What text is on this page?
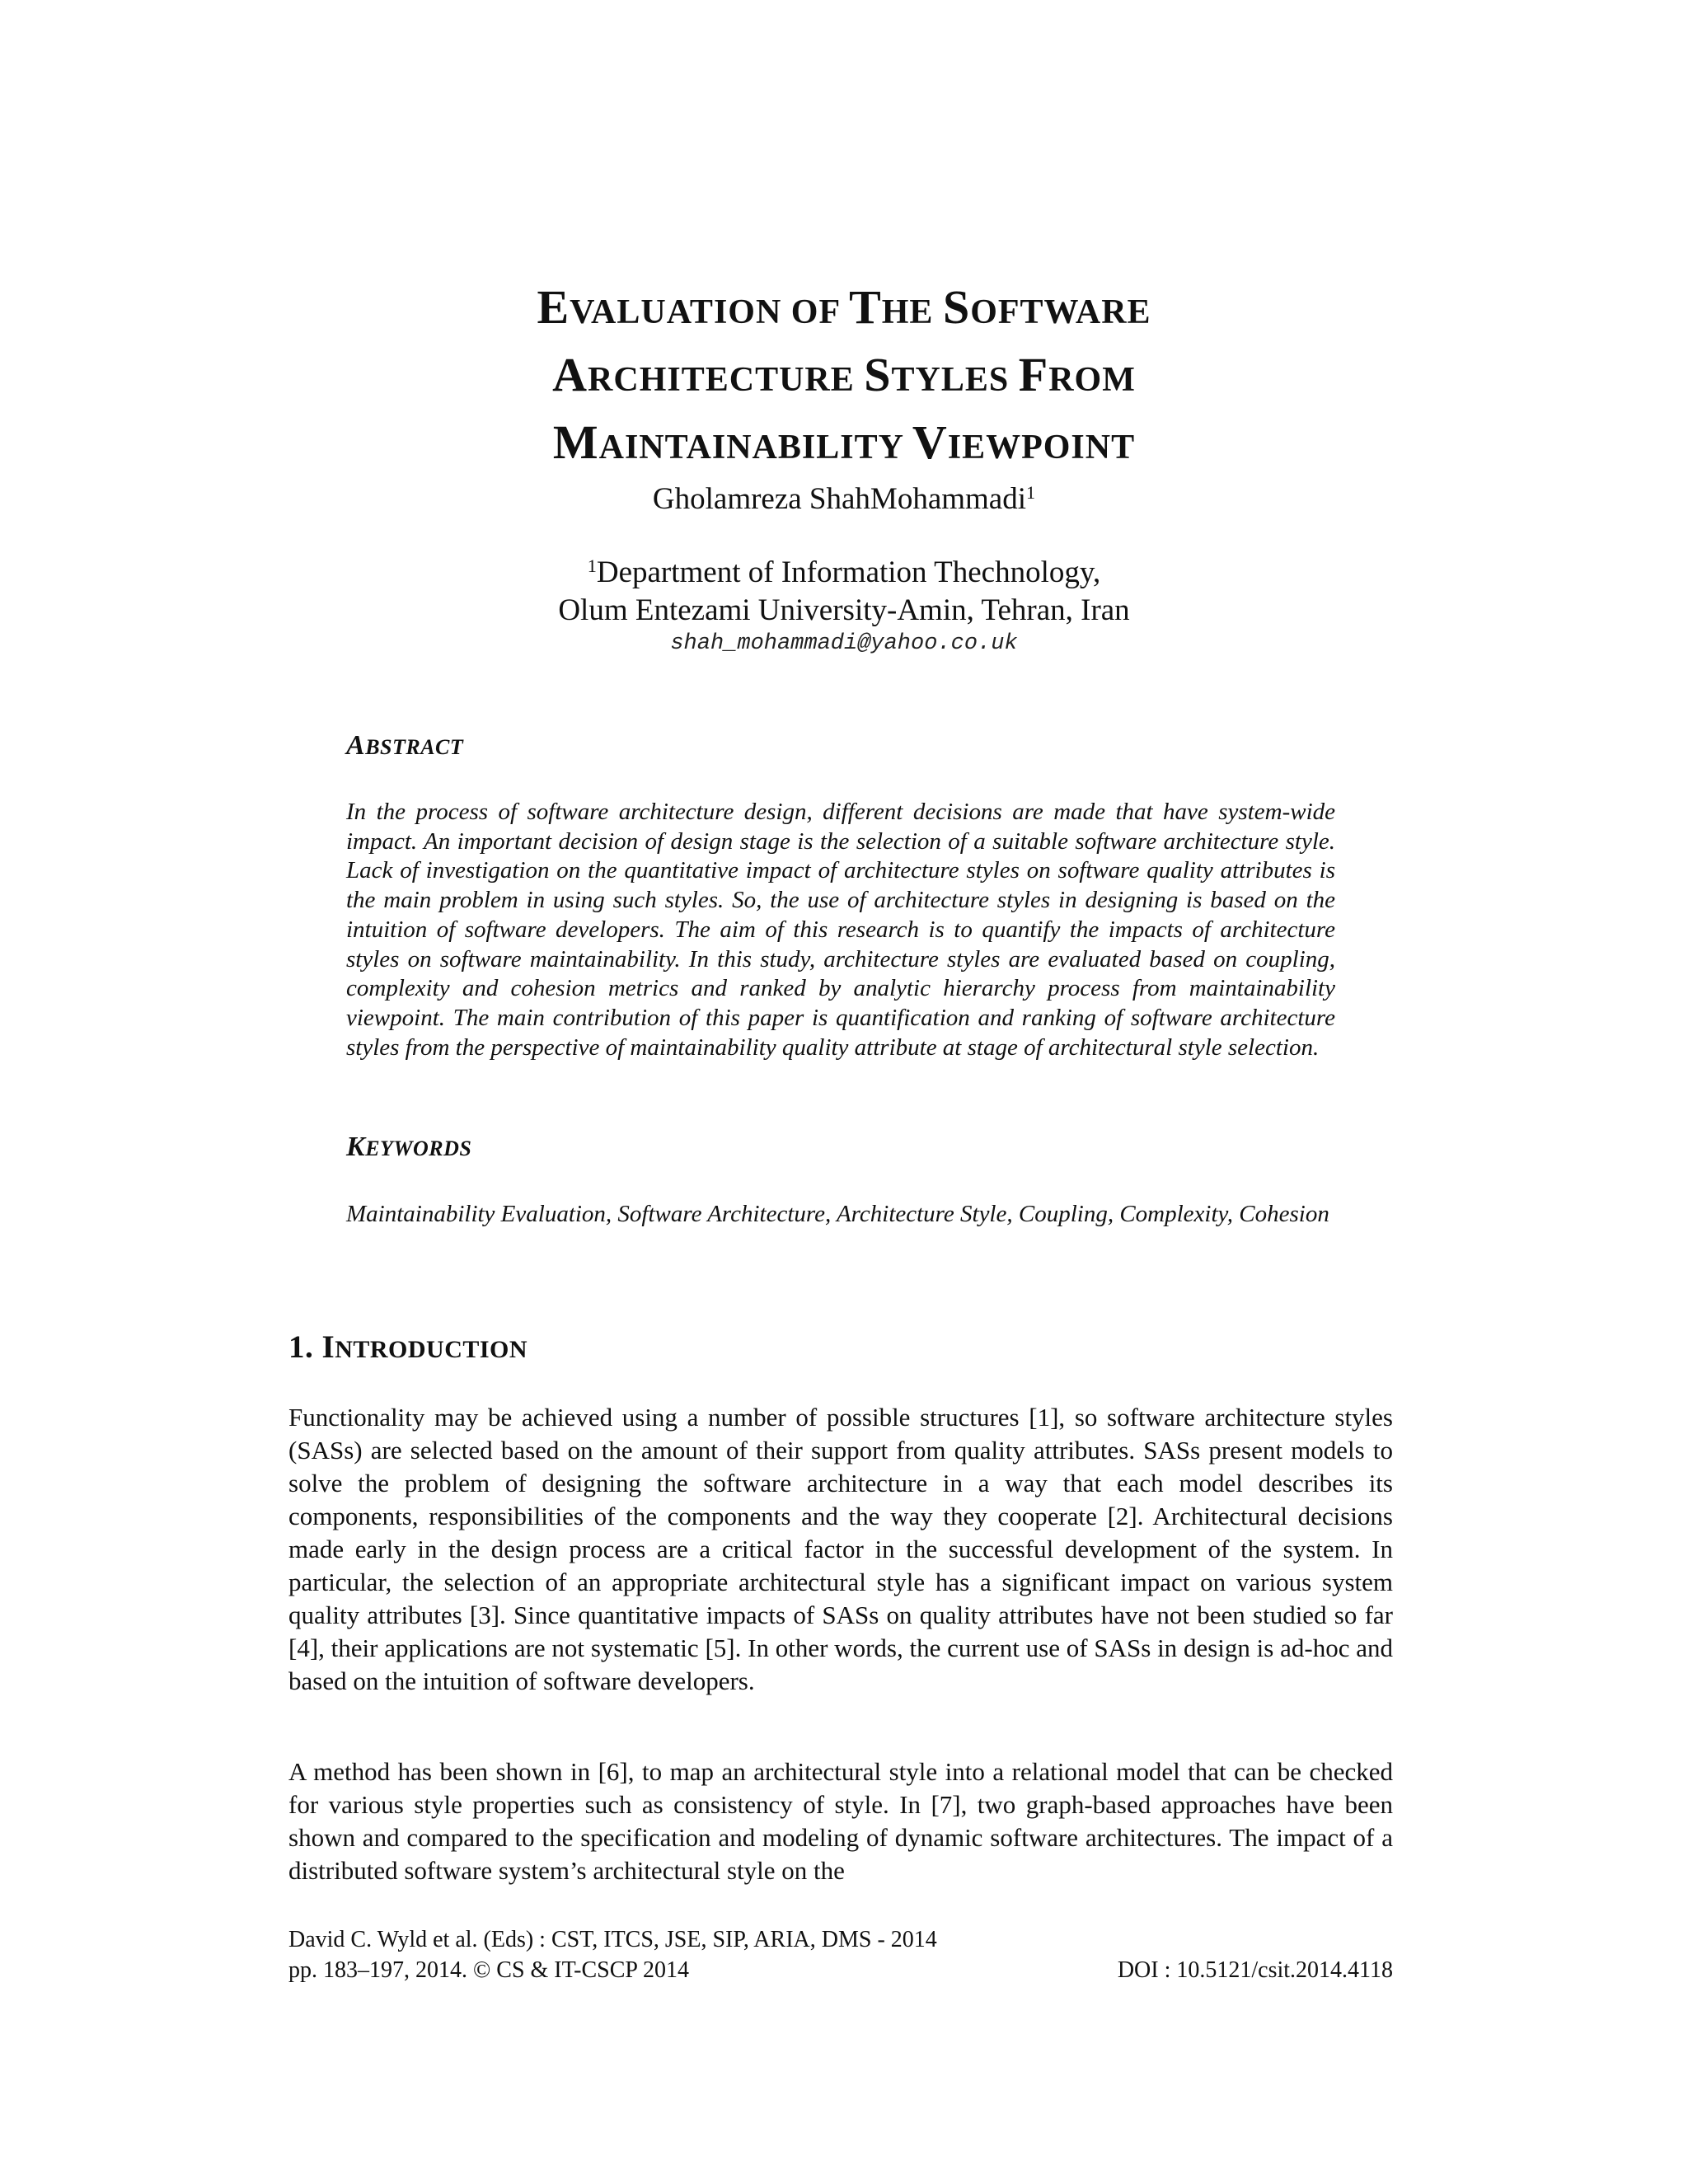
EVALUATION OF THE SOFTWARE
ARCHITECTURE STYLES FROM
MAINTAINABILITY VIEWPOINT
Gholamreza ShahMohammadi$^1$
$^1$Department of Information Thechnology,
Olum Entezami University-Amin, Tehran, Iran
shah_mohammadi@yahoo.co.uk
ABSTRACT
In the process of software architecture design, different decisions are made that have system-wide impact. An important decision of design stage is the selection of a suitable software architecture style. Lack of investigation on the quantitative impact of architecture styles on software quality attributes is the main problem in using such styles. So, the use of architecture styles in designing is based on the intuition of software developers. The aim of this research is to quantify the impacts of architecture styles on software maintainability. In this study, architecture styles are evaluated based on coupling, complexity and cohesion metrics and ranked by analytic hierarchy process from maintainability viewpoint. The main contribution of this paper is quantification and ranking of software architecture styles from the perspective of maintainability quality attribute at stage of architectural style selection.
KEYWORDS
Maintainability Evaluation, Software Architecture, Architecture Style, Coupling, Complexity, Cohesion
1. INTRODUCTION
Functionality may be achieved using a number of possible structures [1], so software architecture styles (SASs) are selected based on the amount of their support from quality attributes. SASs present models to solve the problem of designing the software architecture in a way that each model describes its components, responsibilities of the components and the way they cooperate [2]. Architectural decisions made early in the design process are a critical factor in the successful development of the system. In particular, the selection of an appropriate architectural style has a significant impact on various system quality attributes [3]. Since quantitative impacts of SASs on quality attributes have not been studied so far [4], their applications are not systematic [5]. In other words, the current use of SASs in design is ad-hoc and based on the intuition of software developers.
A method has been shown in [6], to map an architectural style into a relational model that can be checked for various style properties such as consistency of style. In [7], two graph-based approaches have been shown and compared to the specification and modeling of dynamic software architectures. The impact of a distributed software system’s architectural style on the
David C. Wyld et al. (Eds) : CST, ITCS, JSE, SIP, ARIA, DMS - 2014
pp. 183–197, 2014. © CS & IT-CSCP 2014	DOI : 10.5121/csit.2014.4118
